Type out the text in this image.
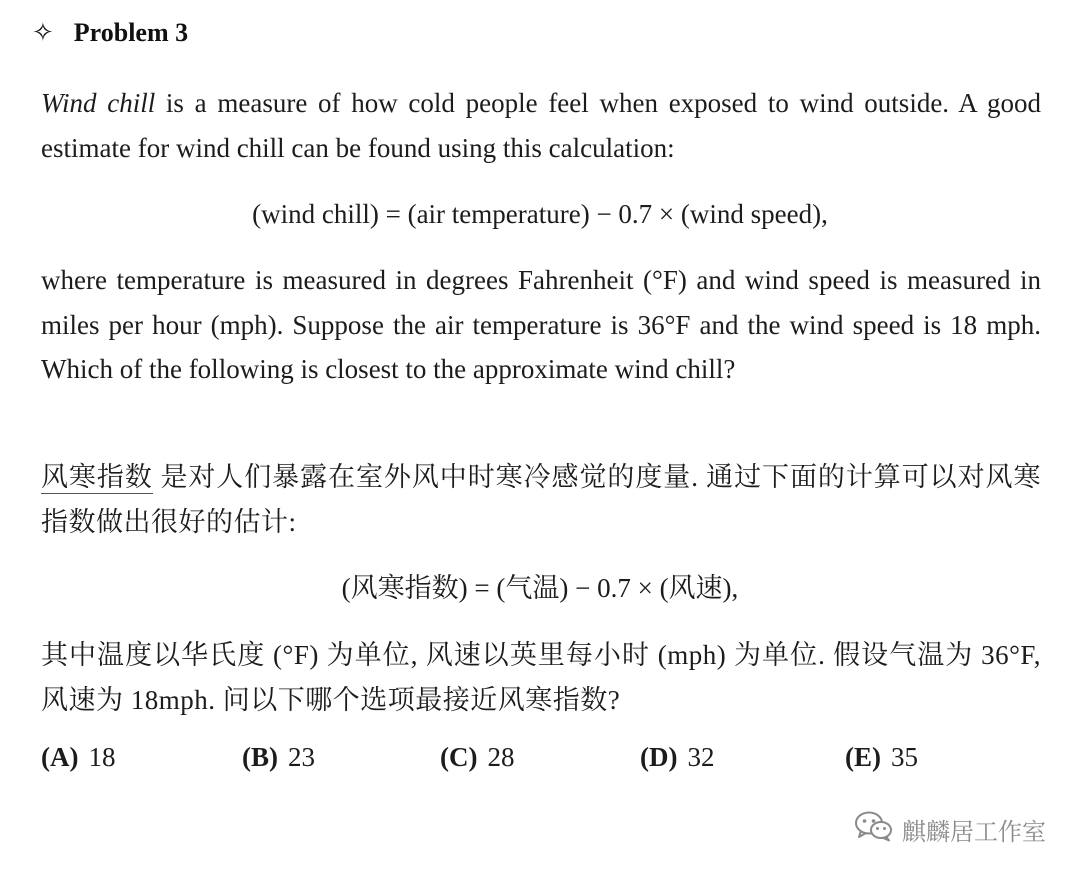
✧ Problem 3
Wind chill is a measure of how cold people feel when exposed to wind outside. A good estimate for wind chill can be found using this calculation:
(wind chill) = (air temperature) − 0.7 × (wind speed),
where temperature is measured in degrees Fahrenheit (°F) and wind speed is measured in miles per hour (mph). Suppose the air temperature is 36°F and the wind speed is 18 mph. Which of the following is closest to the approximate wind chill?
风寒指数 是对人们暴露在室外风中时寒冷感觉的度量. 通过下面的计算可以对风寒指数做出很好的估计:
(风寒指数) = (气温) − 0.7 × (风速),
其中温度以华氏度 (°F) 为单位, 风速以英里每小时 (mph) 为单位. 假设气温为 36°F, 风速为 18mph. 问以下哪个选项最接近风寒指数?
(A) 18	(B) 23	(C) 28	(D) 32	(E) 35
麒麟居工作室
